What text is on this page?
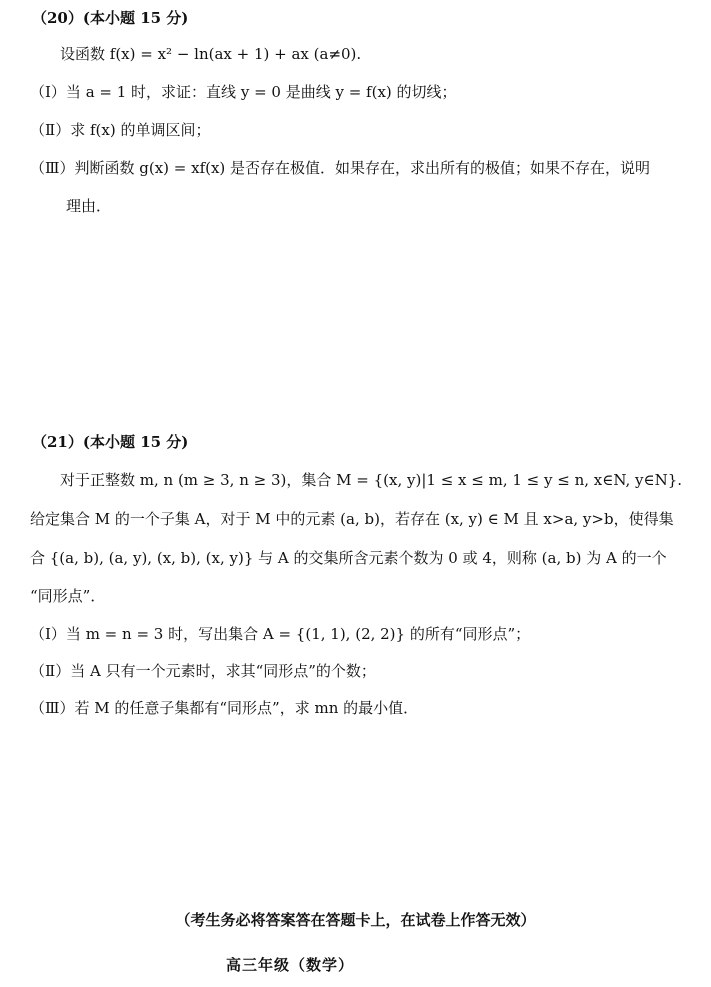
（20）(本小题 15 分)
设函数 f(x) = x² − ln(ax + 1) + ax (a≠0).
（Ⅰ）当 a = 1 时，求证：直线 y = 0 是曲线 y = f(x) 的切线；
（Ⅱ）求 f(x) 的单调区间；
（Ⅲ）判断函数 g(x) = xf(x) 是否存在极值．如果存在，求出所有的极值；如果不存在，说明
理由．
（21）(本小题 15 分)
对于正整数 m, n (m ≥ 3, n ≥ 3)，集合 M = {(x, y)|1 ≤ x ≤ m, 1 ≤ y ≤ n, x∈N, y∈N}.
给定集合 M 的一个子集 A，对于 M 中的元素 (a, b)，若存在 (x, y) ∈ M 且 x>a, y>b，使得集
合 {(a, b), (a, y), (x, b), (x, y)} 与 A 的交集所含元素个数为 0 或 4，则称 (a, b) 为 A 的一个
“同形点”．
（Ⅰ）当 m = n = 3 时，写出集合 A = {(1, 1), (2, 2)} 的所有“同形点”；
（Ⅱ）当 A 只有一个元素时，求其“同形点”的个数；
（Ⅲ）若 M 的任意子集都有“同形点”，求 mn 的最小值．
（考生务必将答案答在答题卡上，在试卷上作答无效）
高三年级（数学）
